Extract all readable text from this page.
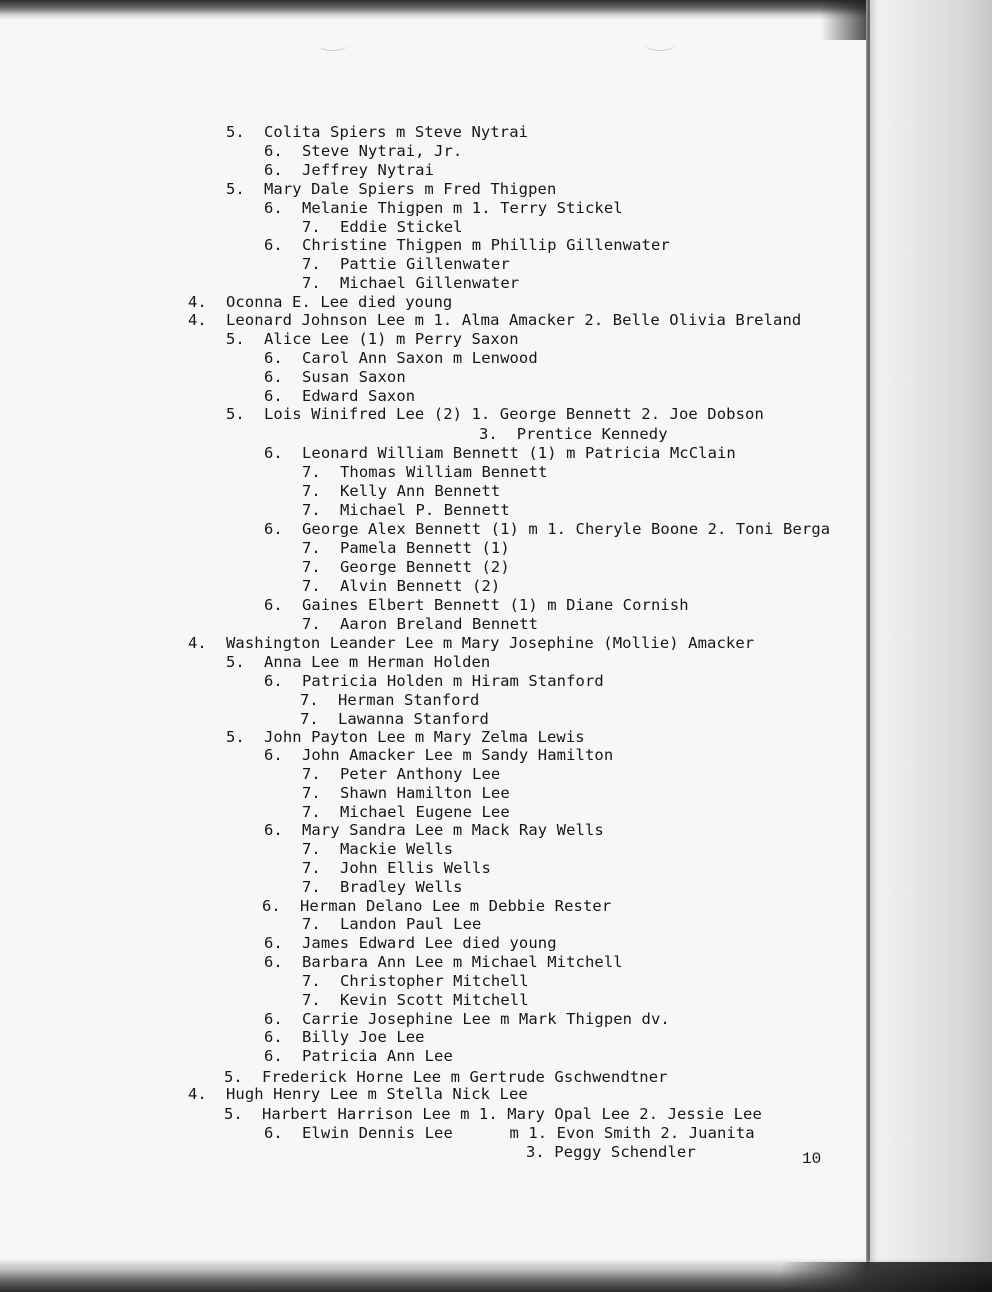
5. Colita Spiers m Steve Nytrai
6. Steve Nytrai, Jr.
6. Jeffrey Nytrai
5. Mary Dale Spiers m Fred Thigpen
6. Melanie Thigpen m 1. Terry Stickel
7. Eddie Stickel
6. Christine Thigpen m Phillip Gillenwater
7. Pattie Gillenwater
7. Michael Gillenwater
4. Oconna E. Lee died young
4. Leonard Johnson Lee m 1. Alma Amacker 2. Belle Olivia Breland
5. Alice Lee (1) m Perry Saxon
6. Carol Ann Saxon m Lenwood
6. Susan Saxon
6. Edward Saxon
5. Lois Winifred Lee (2) 1. George Bennett 2. Joe Dobson
3.  Prentice Kennedy
6. Leonard William Bennett (1) m Patricia McClain
7. Thomas William Bennett
7. Kelly Ann Bennett
7. Michael P. Bennett
6. George Alex Bennett (1) m 1. Cheryle Boone 2. Toni Berga
7. Pamela Bennett (1)
7. George Bennett (2)
7. Alvin Bennett (2)
6. Gaines Elbert Bennett (1) m Diane Cornish
7. Aaron Breland Bennett
4. Washington Leander Lee m Mary Josephine (Mollie) Amacker
5. Anna Lee m Herman Holden
6. Patricia Holden m Hiram Stanford
7. Herman Stanford
7. Lawanna Stanford
5. John Payton Lee m Mary Zelma Lewis
6. John Amacker Lee m Sandy Hamilton
7. Peter Anthony Lee
7. Shawn Hamilton Lee
7. Michael Eugene Lee
6. Mary Sandra Lee m Mack Ray Wells
7. Mackie Wells
7. John Ellis Wells
7. Bradley Wells
6. Herman Delano Lee m Debbie Rester
7. Landon Paul Lee
6. James Edward Lee died young
6. Barbara Ann Lee m Michael Mitchell
7. Christopher Mitchell
7. Kevin Scott Mitchell
6. Carrie Josephine Lee m Mark Thigpen dv.
6. Billy Joe Lee
6. Patricia Ann Lee
5. Frederick Horne Lee m Gertrude Gschwendtner
4. Hugh Henry Lee m Stella Nick Lee
5. Harbert Harrison Lee m 1. Mary Opal Lee 2. Jessie Lee
6. Elwin Dennis Lee      m 1. Evon Smith 2. Juanita
3. Peggy Schendler	10
